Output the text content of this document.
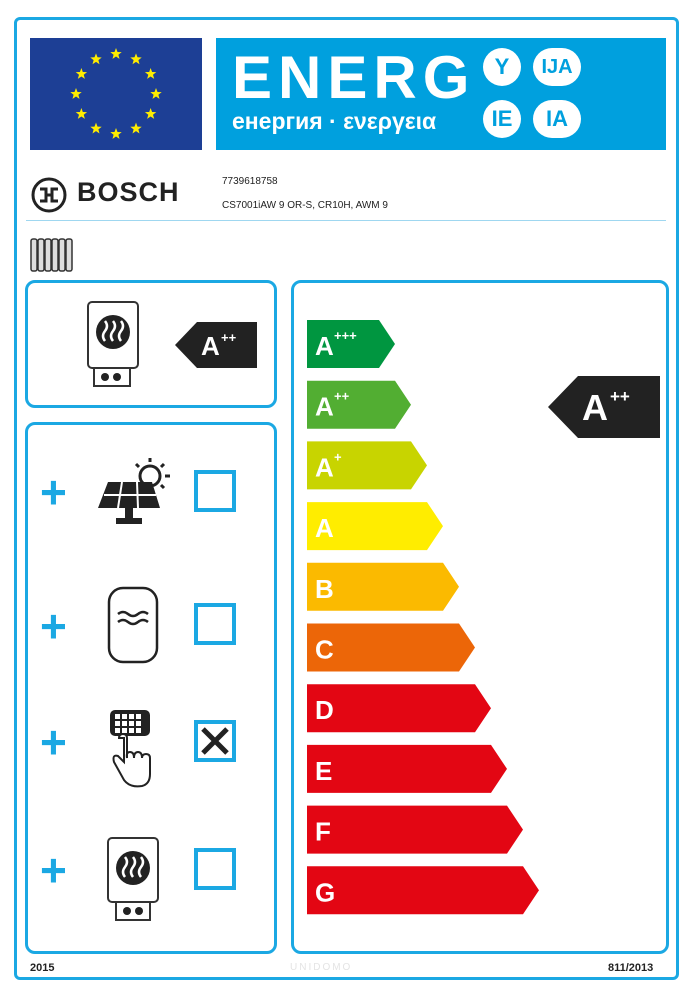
ENERG
енергия · ενεργεια
Y	IJA
IE	IA
BOSCH	7739618758
CS7001iAW 9 OR-S, CR10H, AWM 9
A ++
+
+
+
+
A +++
A ++
A +
A
B
C
D
E
F
G
A ++
2015	UNIDOMO	811/2013
